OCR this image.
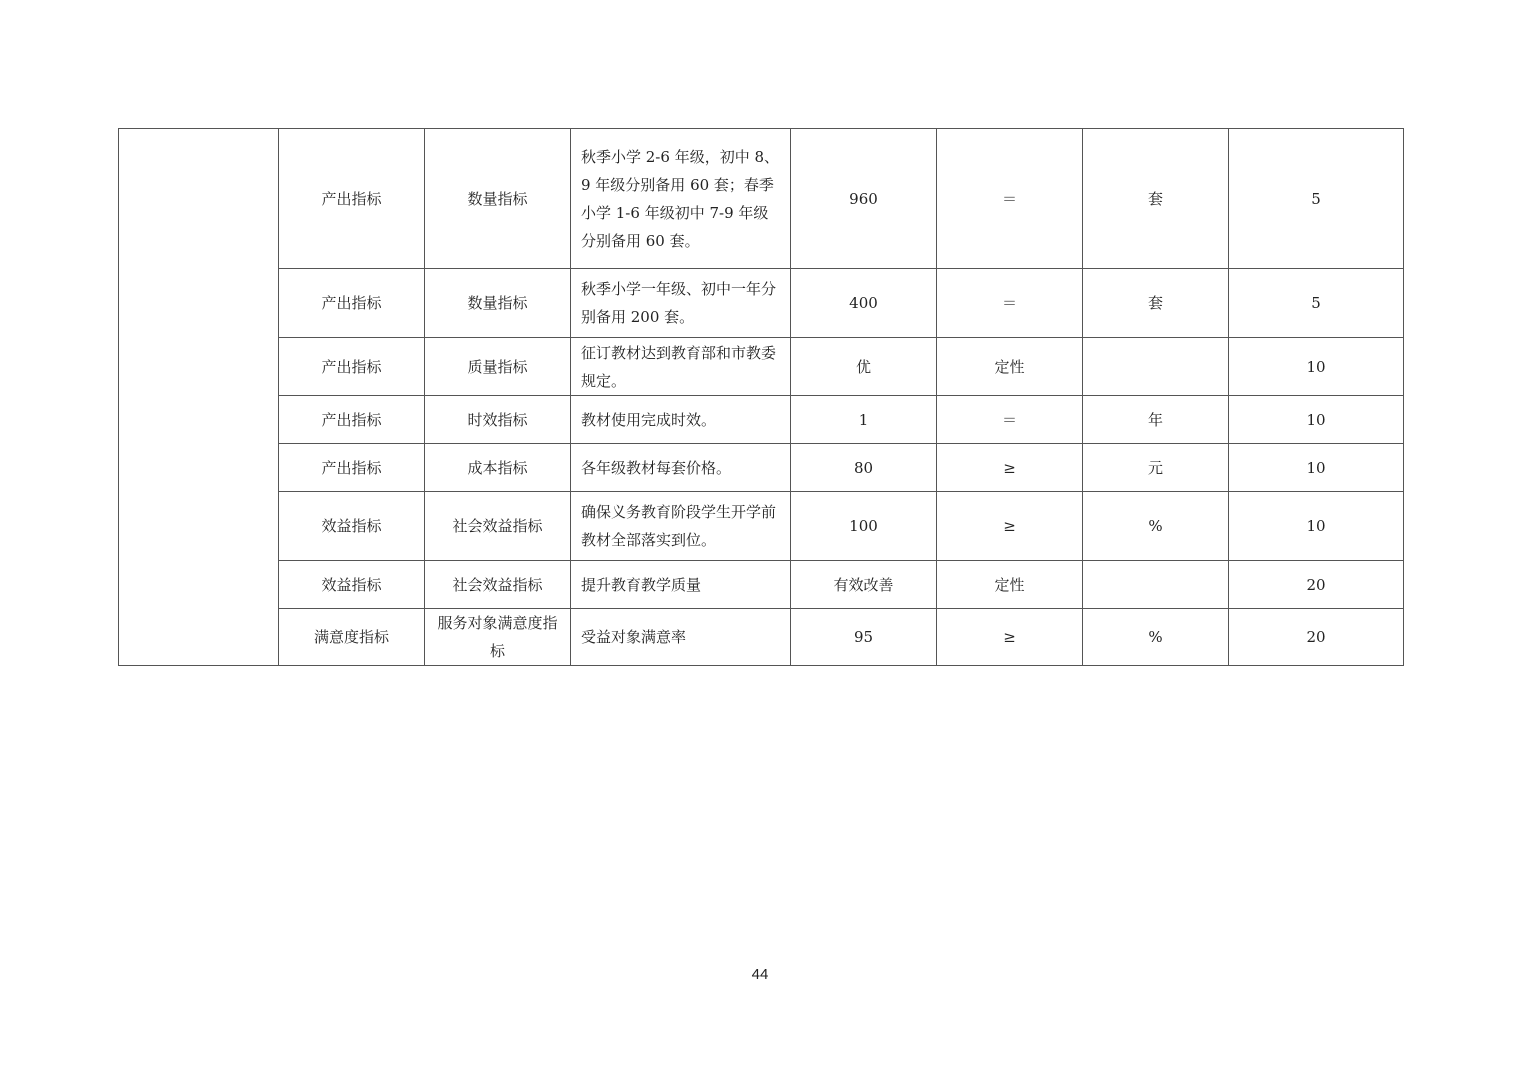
	产出指标	数量指标	秋季小学 2-6 年级，初中 8、9 年级分别备用 60 套；春季小学 1-6 年级初中 7-9 年级分别备用 60 套。	960	＝	套	5
	产出指标	数量指标	秋季小学一年级、初中一年分别备用 200 套。	400	＝	套	5
	产出指标	质量指标	征订教材达到教育部和市教委规定。	优	定性		10
	产出指标	时效指标	教材使用完成时效。	1	＝	年	10
	产出指标	成本指标	各年级教材每套价格。	80	≥	元	10
	效益指标	社会效益指标	确保义务教育阶段学生开学前教材全部落实到位。	100	≥	%	10
	效益指标	社会效益指标	提升教育教学质量	有效改善	定性		20
	满意度指标	服务对象满意度指标	受益对象满意率	95	≥	%	20
44
